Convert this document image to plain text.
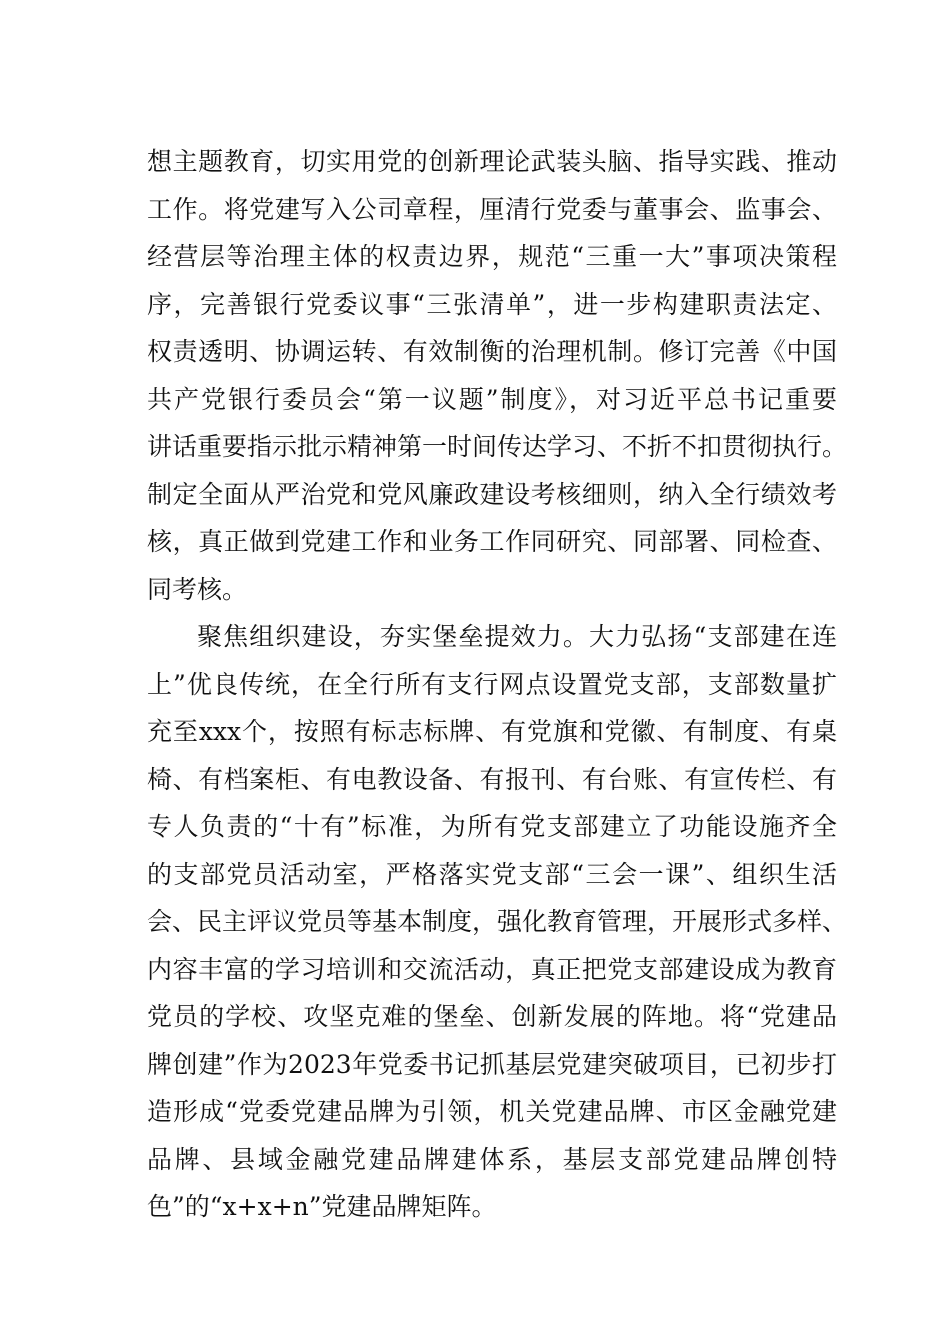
想主题教育，切实用党的创新理论武装头脑、指导实践、推动
工作。将党建写入公司章程，厘清行党委与董事会、监事会、
经营层等治理主体的权责边界，规范“三重一大”事项决策程
序，完善银行党委议事“三张清单”，进一步构建职责法定、
权责透明、协调运转、有效制衡的治理机制。修订完善《中国
共产党银行委员会“第一议题”制度》，对习近平总书记重要
讲话重要指示批示精神第一时间传达学习、不折不扣贯彻执行。
制定全面从严治党和党风廉政建设考核细则，纳入全行绩效考
核，真正做到党建工作和业务工作同研究、同部署、同检查、
同考核。
聚焦组织建设，夯实堡垒提效力。大力弘扬“支部建在连
上”优良传统，在全行所有支行网点设置党支部，支部数量扩
充至xxx个，按照有标志标牌、有党旗和党徽、有制度、有桌
椅、有档案柜、有电教设备、有报刊、有台账、有宣传栏、有
专人负责的“十有”标准，为所有党支部建立了功能设施齐全
的支部党员活动室，严格落实党支部“三会一课”、组织生活
会、民主评议党员等基本制度，强化教育管理，开展形式多样、
内容丰富的学习培训和交流活动，真正把党支部建设成为教育
党员的学校、攻坚克难的堡垒、创新发展的阵地。将“党建品
牌创建”作为2023年党委书记抓基层党建突破项目，已初步打
造形成“党委党建品牌为引领，机关党建品牌、市区金融党建
品牌、县域金融党建品牌建体系，基层支部党建品牌创特
色”的“x+x+n”党建品牌矩阵。
